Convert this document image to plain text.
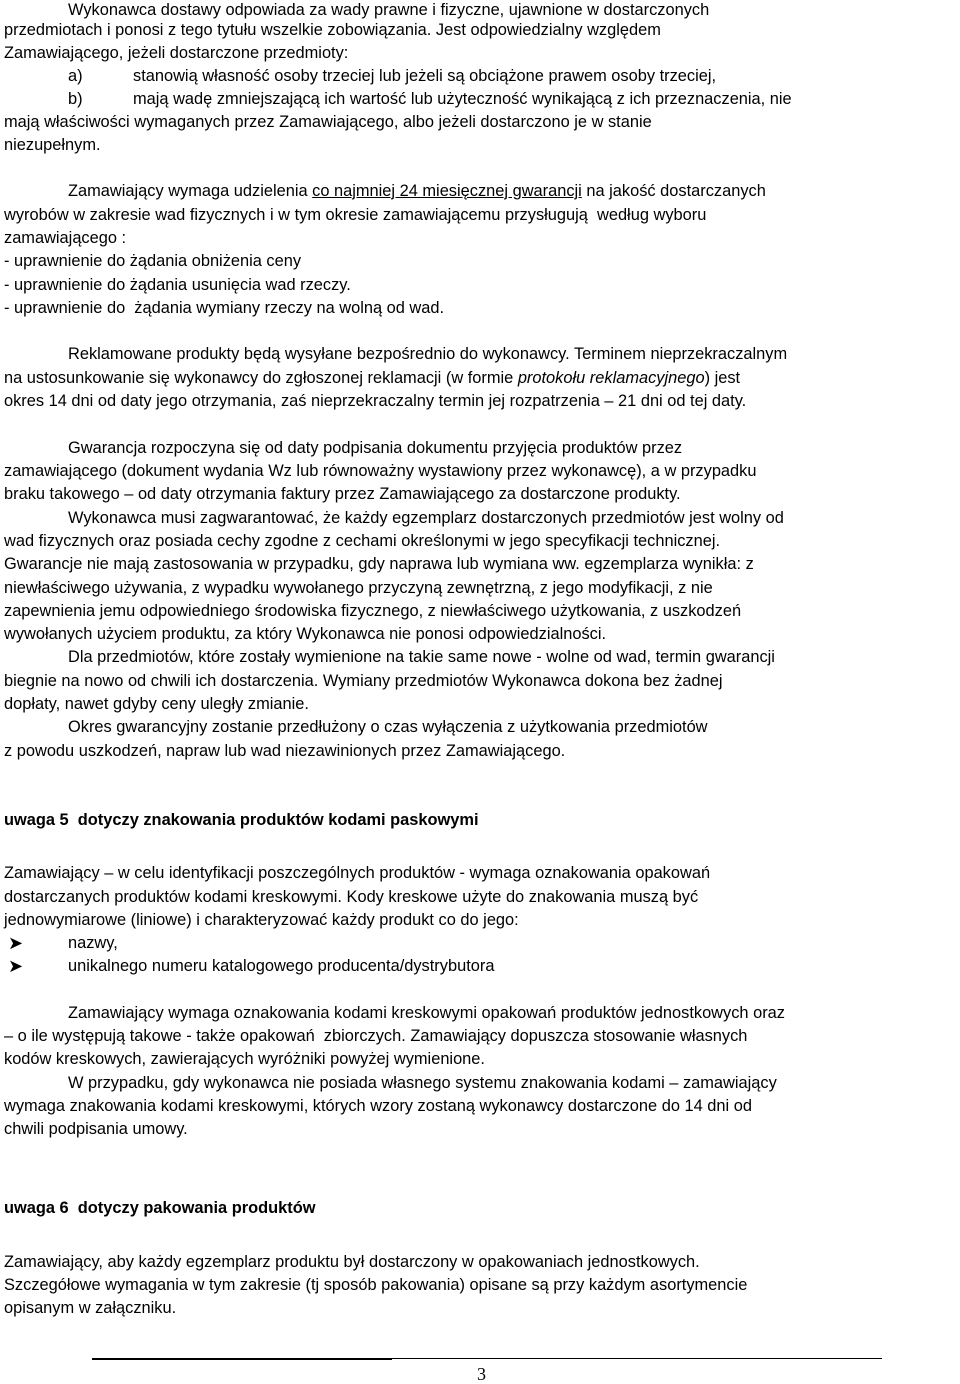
Wykonawca dostawy odpowiada za wady prawne i fizyczne, ujawnione w dostarczonych
przedmiotach i ponosi z tego tytułu wszelkie zobowiązania. Jest odpowiedzialny względem
Zamawiającego, jeżeli dostarczone przedmioty:
a)	stanowią własność osoby trzeciej lub jeżeli są obciążone prawem osoby trzeciej,
b)	mają wadę zmniejszającą ich wartość lub użyteczność wynikającą z ich przeznaczenia, nie
mają właściwości wymaganych przez Zamawiającego, albo jeżeli dostarczono je w stanie
niezupełnym.
Zamawiający wymaga udzielenia co najmniej 24 miesięcznej gwarancji na jakość dostarczanych
wyrobów w zakresie wad fizycznych i w tym okresie zamawiającemu przysługują  według wyboru
zamawiającego :
- uprawnienie do żądania obniżenia ceny
- uprawnienie do żądania usunięcia wad rzeczy.
- uprawnienie do  żądania wymiany rzeczy na wolną od wad.
Reklamowane produkty będą wysyłane bezpośrednio do wykonawcy. Terminem nieprzekraczalnym
na ustosunkowanie się wykonawcy do zgłoszonej reklamacji (w formie protokołu reklamacyjnego) jest
okres 14 dni od daty jego otrzymania, zaś nieprzekraczalny termin jej rozpatrzenia – 21 dni od tej daty.
Gwarancja rozpoczyna się od daty podpisania dokumentu przyjęcia produktów przez
zamawiającego (dokument wydania Wz lub równoważny wystawiony przez wykonawcę), a w przypadku
braku takowego – od daty otrzymania faktury przez Zamawiającego za dostarczone produkty.
Wykonawca musi zagwarantować, że każdy egzemplarz dostarczonych przedmiotów jest wolny od
wad fizycznych oraz posiada cechy zgodne z cechami określonymi w jego specyfikacji technicznej.
Gwarancje nie mają zastosowania w przypadku, gdy naprawa lub wymiana ww. egzemplarza wynikła: z
niewłaściwego używania, z wypadku wywołanego przyczyną zewnętrzną, z jego modyfikacji, z nie
zapewnienia jemu odpowiedniego środowiska fizycznego, z niewłaściwego użytkowania, z uszkodzeń
wywołanych użyciem produktu, za który Wykonawca nie ponosi odpowiedzialności.
Dla przedmiotów, które zostały wymienione na takie same nowe - wolne od wad, termin gwarancji
biegnie na nowo od chwili ich dostarczenia. Wymiany przedmiotów Wykonawca dokona bez żadnej
dopłaty, nawet gdyby ceny uległy zmianie.
Okres gwarancyjny zostanie przedłużony o czas wyłączenia z użytkowania przedmiotów
z powodu uszkodzeń, napraw lub wad niezawinionych przez Zamawiającego.
uwaga 5  dotyczy znakowania produktów kodami paskowymi
Zamawiający – w celu identyfikacji poszczególnych produktów - wymaga oznakowania opakowań
dostarczanych produktów kodami kreskowymi. Kody kreskowe użyte do znakowania muszą być
jednowymiarowe (liniowe) i charakteryzować każdy produkt co do jego:
➤	nazwy,
➤	unikalnego numeru katalogowego producenta/dystrybutora
Zamawiający wymaga oznakowania kodami kreskowymi opakowań produktów jednostkowych oraz
– o ile występują takowe - także opakowań  zbiorczych. Zamawiający dopuszcza stosowanie własnych
kodów kreskowych, zawierających wyróżniki powyżej wymienione.
W przypadku, gdy wykonawca nie posiada własnego systemu znakowania kodami – zamawiający
wymaga znakowania kodami kreskowymi, których wzory zostaną wykonawcy dostarczone do 14 dni od
chwili podpisania umowy.
uwaga 6  dotyczy pakowania produktów
Zamawiający, aby każdy egzemplarz produktu był dostarczony w opakowaniach jednostkowych.
Szczegółowe wymagania w tym zakresie (tj sposób pakowania) opisane są przy każdym asortymencie
opisanym w załączniku.
3
